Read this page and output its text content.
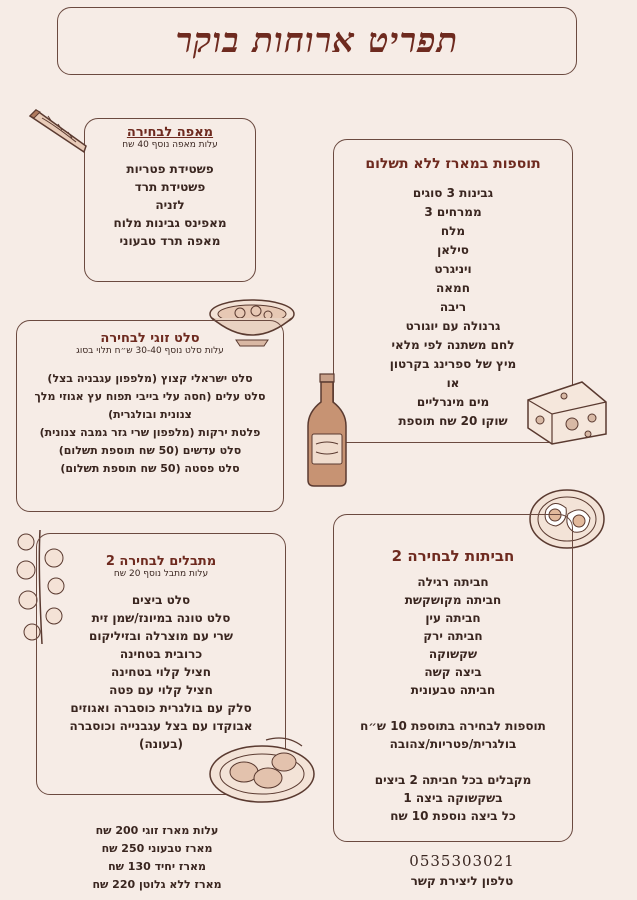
תפריט ארוחות בוקר
מאפה לבחירה
עלות מאפה נוסף 40 שח
פשטידת פטריות
פשטידת תרד
לזניה
מאפינס גבינות מלוח
מאפה תרד טבעוני
תוספות במארז ללא תשלום
גבינות 3 סוגים
ממרחים 3
מלח
סילאן
ויניגרט
חמאה
ריבה
גרנולה עם יוגורט
לחם משתנה לפי מלאי
מיץ של ספרינג בקרטון
או
מים מינרליים
שוקו 20 שח תוספת
סלט זוגי לבחירה
עלות סלט נוסף 30-40 ש״ח תלוי בסוג
סלט ישראלי קצוץ (מלפפון עגבניה בצל)
סלט עלים (חסה עלי בייבי תפוח עץ אגוזי מלך
צנונית ובולגרית)
פלטת ירקות (מלפפון שרי גזר גמבה צנונית)
סלט עדשים (50 שח תוספת תשלום)
סלט פסטה (50 שח תוספת תשלום)
מתבלים לבחירה 2
עלות מתבל נוסף 20 שח
סלט ביצים
סלט טונה במיונז/שמן זית
שרי עם מוצרלה ובזיליקום
כרובית בטחינה
חציל קלוי בטחינה
חציל קלוי עם פטה
סלק עם בולגרית כוסברה ואגוזים
אבוקדו עם בצל עגבנייה וכוסברה
(בעונה)
חביתות לבחירה 2
חביתה רגילה
חביתה מקושקשת
חביתה עין
חביתה ירק
שקשוקה
ביצה קשה
חביתה טבעונית
תוספות לבחירה בתוספת 10 ש״ח
בולגרית/פטריות/צהובה
מקבלים בכל חביתה 2 ביצים
בשקשוקה ביצה 1
כל ביצה נוספת 10 שח
עלות מארז זוגי 200 שח
מארז טבעוני 250 שח
מארז יחיד 130 שח
מארז ללא גלוטן 220 שח
0535303021
טלפון ליצירת קשר
